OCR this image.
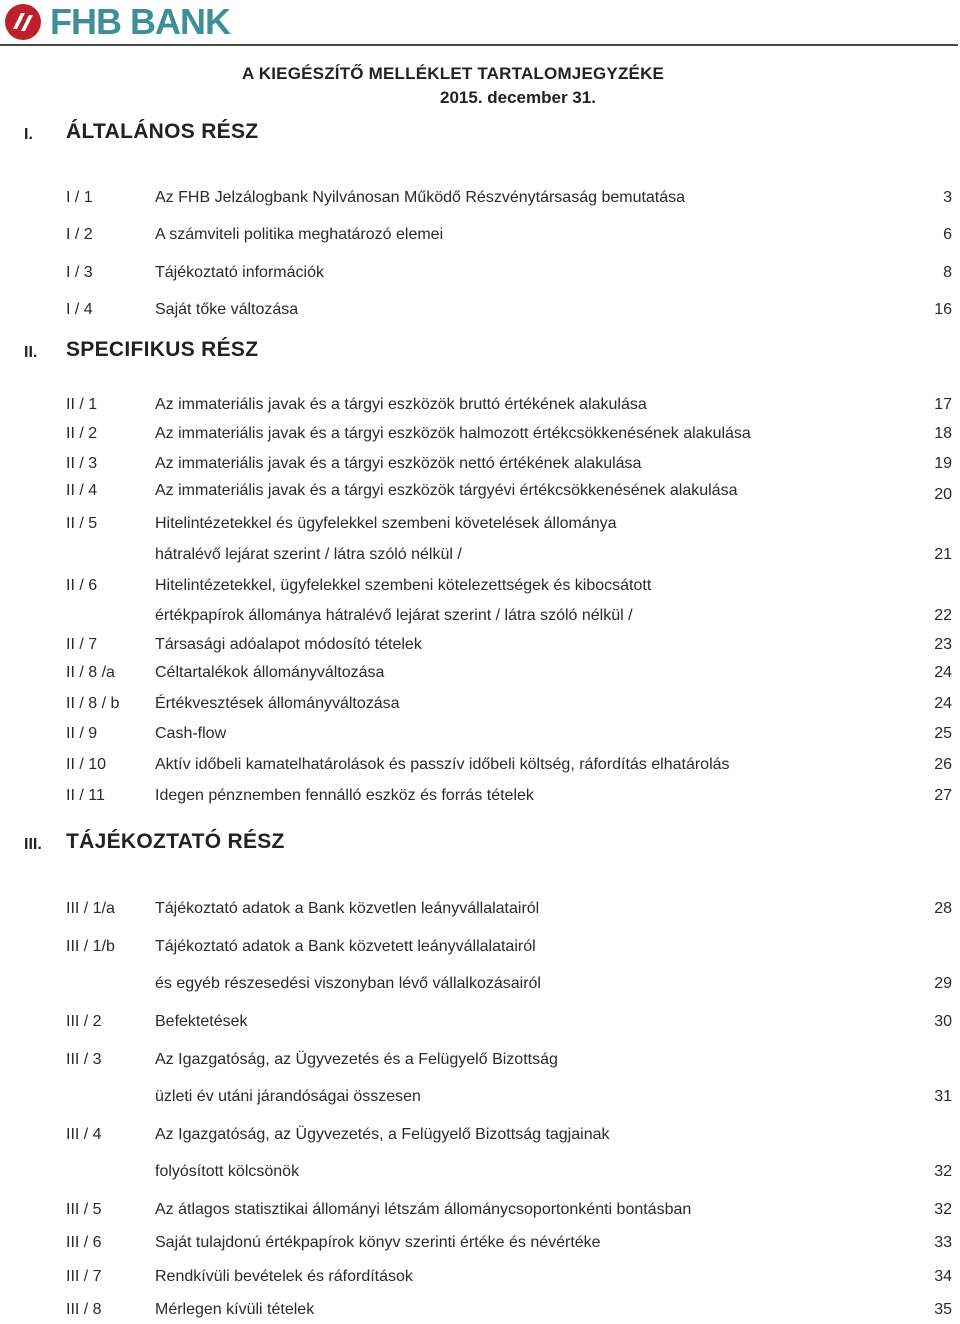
FHB BANK
A KIEGÉSZÍTŐ MELLÉKLET TARTALOMJEGYZÉKE
2015. december 31.
I. ÁLTALÁNOS RÉSZ
I / 1	Az FHB Jelzálogbank Nyilvánosan Működő Részvénytársaság bemutatása	3
I / 2	A számviteli politika meghatározó elemei	6
I / 3	Tájékoztató információk	8
I / 4	Saját tőke változása	16
II. SPECIFIKUS RÉSZ
II / 1	Az immateriális javak és a tárgyi eszközök bruttó értékének alakulása	17
II / 2	Az immateriális javak és a tárgyi eszközök halmozott értékcsökkenésének alakulása	18
II / 3	Az immateriális javak és a tárgyi eszközök nettó értékének alakulása	19
II / 4	Az immateriális javak és a tárgyi eszközök tárgyévi értékcsökkenésének alakulása	20
II / 5	Hitelintézetekkel és ügyfelekkel szembeni követelések állománya
hátralévő lejárat szerint / látra szóló nélkül /	21
II / 6	Hitelintézetekkel, ügyfelekkel szembeni kötelezettségek és kibocsátott
értékpapírok állománya hátralévő lejárat szerint / látra szóló nélkül /	22
II / 7	Társasági adóalapot módosító tételek	23
II / 8 /a	Céltartalékok állományváltozása	24
II / 8 / b Értékvesztések állományváltozása	24
II / 9	Cash-flow	25
II / 10	Aktív időbeli kamatelhatárolások és passzív időbeli költség, ráfordítás elhatárolás	26
II / 11	Idegen pénznemben fennálló eszköz és forrás tételek	27
III. TÁJÉKOZTATÓ RÉSZ
III / 1/a	Tájékoztató adatok a Bank közvetlen leányvállalatairól	28
III / 1/b	Tájékoztató adatok a Bank közvetett leányvállalatairól
és egyéb részesedési viszonyban lévő vállalkozásairól	29
III / 2	Befektetések	30
III / 3	Az Igazgatóság, az Ügyvezetés és a Felügyelő Bizottság
üzleti év utáni járandóságai összesen	31
III / 4	Az Igazgatóság, az Ügyvezetés, a Felügyelő Bizottság tagjainak
folyósított kölcsönök	32
III / 5	Az átlagos statisztikai állományi létszám állománycsoportonkénti bontásban	32
III / 6	Saját tulajdonú értékpapírok könyv szerinti értéke és névértéke	33
III / 7	Rendkívüli bevételek és ráfordítások	34
III / 8	Mérlegen kívüli tételek	35
